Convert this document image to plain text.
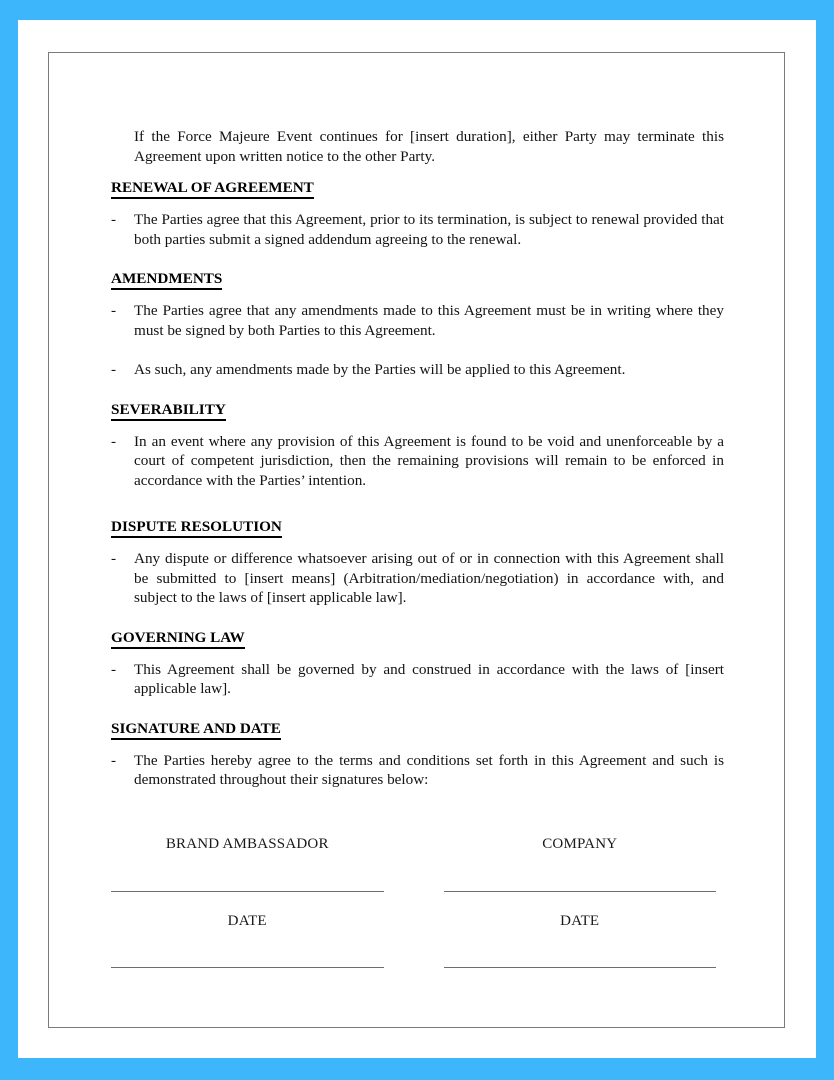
If the Force Majeure Event continues for [insert duration], either Party may terminate this Agreement upon written notice to the other Party.

RENEWAL OF AGREEMENT
- The Parties agree that this Agreement, prior to its termination, is subject to renewal provided that both parties submit a signed addendum agreeing to the renewal.
AMENDMENTS
- The Parties agree that any amendments made to this Agreement must be in writing where they must be signed by both Parties to this Agreement.
- As such, any amendments made by the Parties will be applied to this Agreement.
SEVERABILITY
- In an event where any provision of this Agreement is found to be void and unenforceable by a court of competent jurisdiction, then the remaining provisions will remain to be enforced in accordance with the Parties’ intention.
DISPUTE RESOLUTION
- Any dispute or difference whatsoever arising out of or in connection with this Agreement shall be submitted to [insert means] (Arbitration/mediation/negotiation) in accordance with, and subject to the laws of [insert applicable law].
GOVERNING LAW
- This Agreement shall be governed by and construed in accordance with the laws of [insert applicable law].
SIGNATURE AND DATE
- The Parties hereby agree to the terms and conditions set forth in this Agreement and such is demonstrated throughout their signatures below:
BRAND AMBASSADOR	COMPANY
DATE	DATE
